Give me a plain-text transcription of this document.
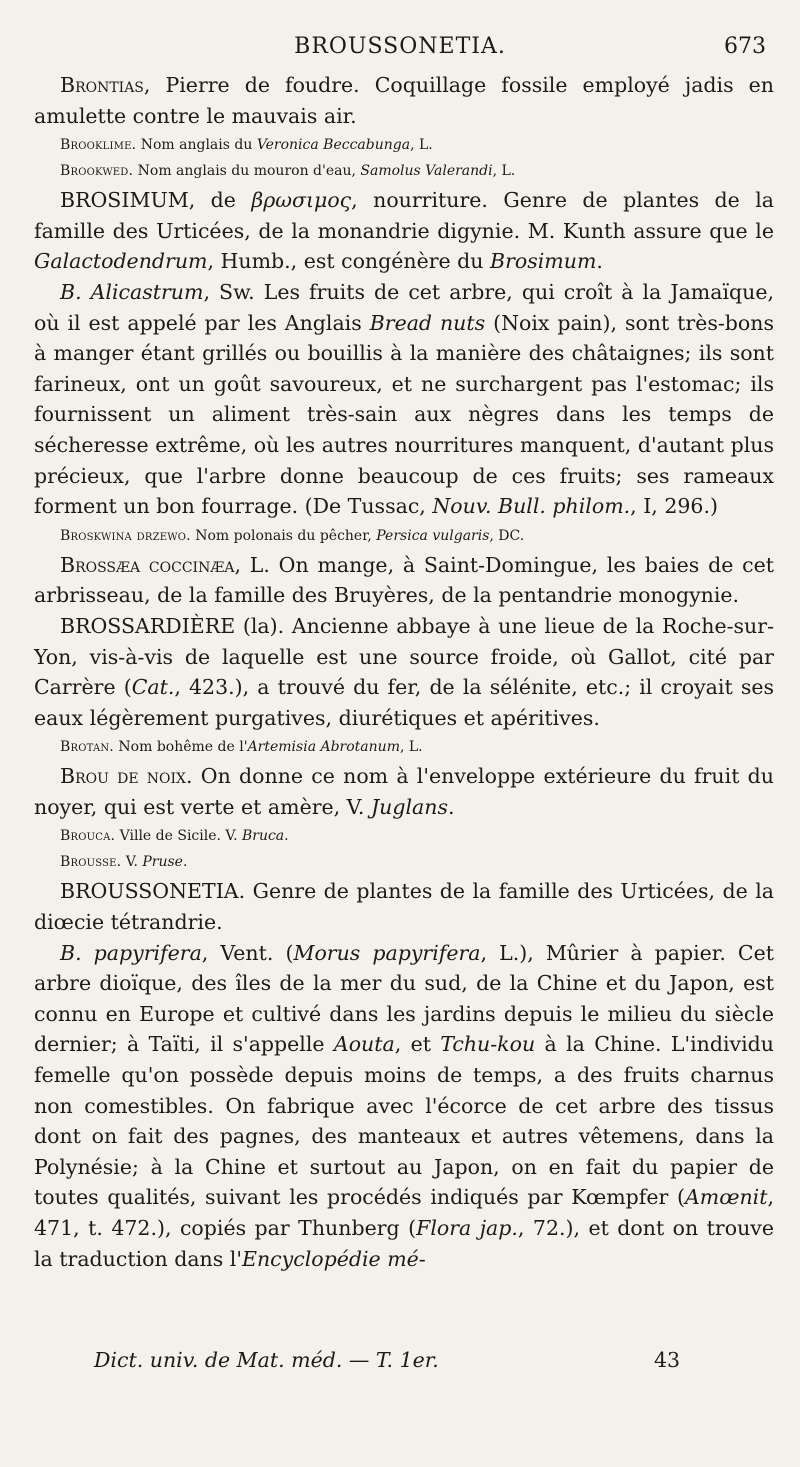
BROUSSONETIA.	673

Brontias, Pierre de foudre. Coquillage fossile employé jadis en amulette contre le mauvais air.

Brooklime. Nom anglais du Veronica Beccabunga, L.

Brookwed. Nom anglais du mouron d'eau, Samolus Valerandi, L.

BROSIMUM, de βρωσιμος, nourriture. Genre de plantes de la famille des Urticées, de la monandrie digynie. M. Kunth assure que le Galactodendrum, Humb., est congénère du Brosimum.

B. Alicastrum, Sw. Les fruits de cet arbre, qui croît à la Jamaïque, où il est appelé par les Anglais Bread nuts (Noix pain), sont très-bons à manger étant grillés ou bouillis à la manière des châtaignes; ils sont farineux, ont un goût savoureux, et ne surchargent pas l'estomac; ils fournissent un aliment très-sain aux nègres dans les temps de sécheresse extrême, où les autres nourritures manquent, d'autant plus précieux, que l'arbre donne beaucoup de ces fruits; ses rameaux forment un bon fourrage. (De Tussac, Nouv. Bull. philom., I, 296.)

Broskwina drzewo. Nom polonais du pêcher, Persica vulgaris, DC.

Brossæa coccinæa, L. On mange, à Saint-Domingue, les baies de cet arbrisseau, de la famille des Bruyères, de la pentandrie monogynie.

BROSSARDIÈRE (la). Ancienne abbaye à une lieue de la Roche-sur-Yon, vis-à-vis de laquelle est une source froide, où Gallot, cité par Carrère (Cat., 423.), a trouvé du fer, de la sélénite, etc.; il croyait ses eaux légèrement purgatives, diurétiques et apéritives.

Brotan. Nom bohême de l'Artemisia Abrotanum, L.

Brou de noix. On donne ce nom à l'enveloppe extérieure du fruit du noyer, qui est verte et amère, V. Juglans.

Brouca. Ville de Sicile. V. Bruca.

Brousse. V. Pruse.

BROUSSONETIA. Genre de plantes de la famille des Urticées, de la diœcie tétrandrie.

B. papyrifera, Vent. (Morus papyrifera, L.), Mûrier à papier. Cet arbre dioïque, des îles de la mer du sud, de la Chine et du Japon, est connu en Europe et cultivé dans les jardins depuis le milieu du siècle dernier; à Taïti, il s'appelle Aouta, et Tchu-kou à la Chine. L'individu femelle qu'on possède depuis moins de temps, a des fruits charnus non comestibles. On fabrique avec l'écorce de cet arbre des tissus dont on fait des pagnes, des manteaux et autres vêtemens, dans la Polynésie; à la Chine et surtout au Japon, on en fait du papier de toutes qualités, suivant les procédés indiqués par Kœmpfer (Amœnit, 471, t. 472.), copiés par Thunberg (Flora jap., 72.), et dont on trouve la traduction dans l'Encyclopédie mé-

Dict. univ. de Mat. méd. — T. 1er.	43
